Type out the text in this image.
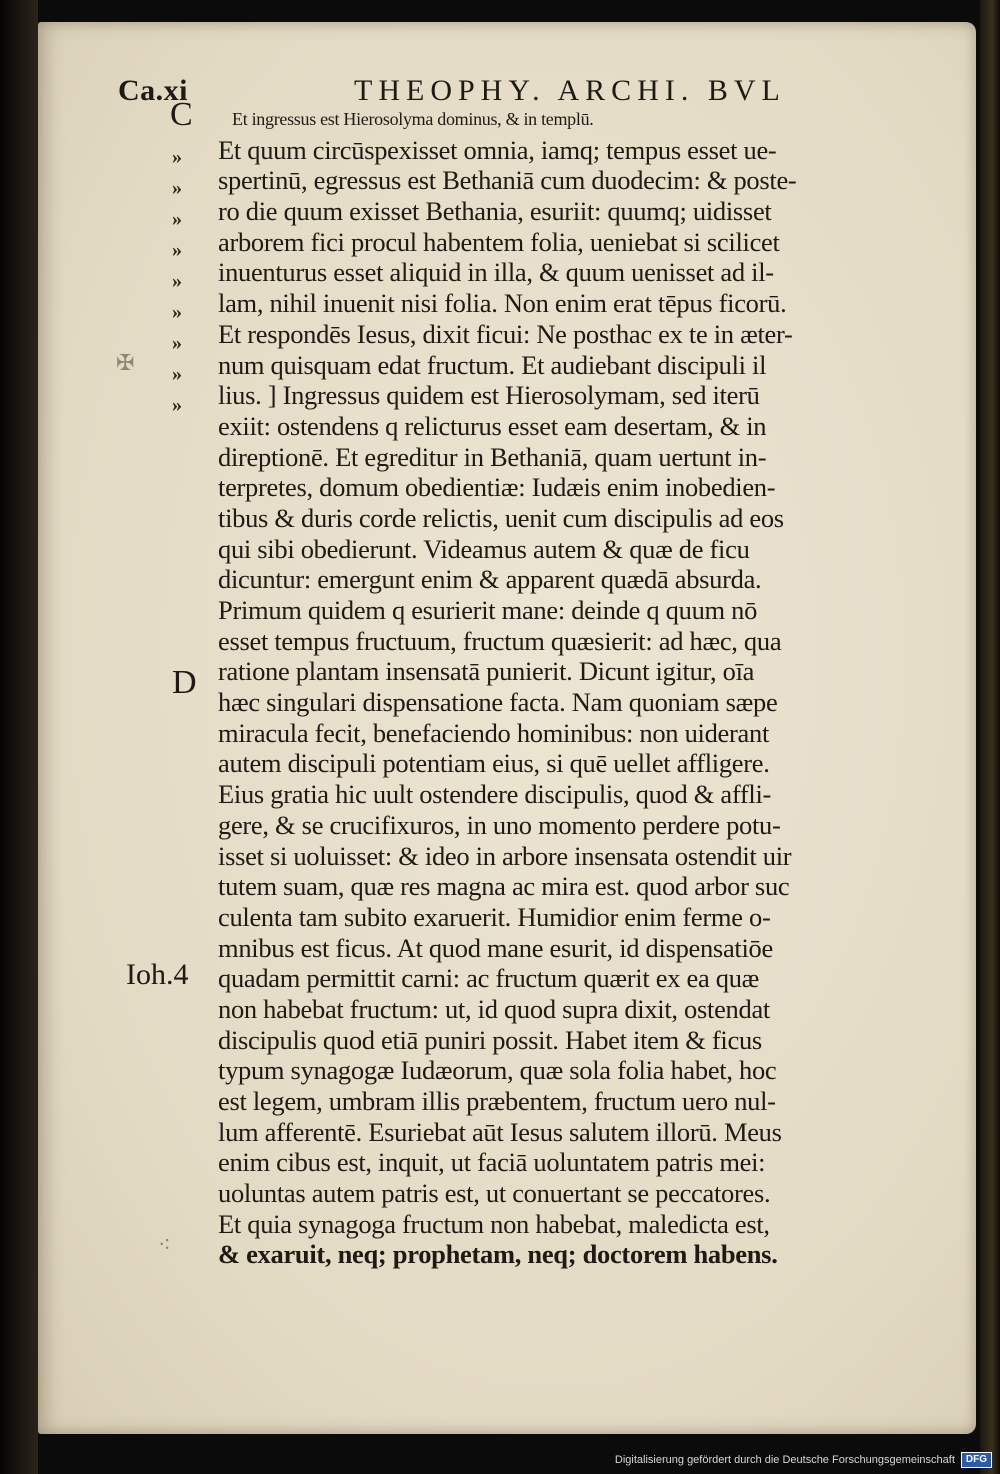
Ca.xi	THEOPHY. ARCHI. BVL
C
D
Ioh.4
»
»
»
»
»
»
»
»
»
Et ingressus est Hierosolyma dominus, & in templū.
Et quum circūspexisset omnia, iamq; tempus esset ue-
spertinū, egressus est Bethaniā cum duodecim: & poste-
ro die quum exisset Bethania, esuriit: quumq; uidisset
arborem fici procul habentem folia, ueniebat si scilicet
inuenturus esset aliquid in illa, & quum uenisset ad il-
lam, nihil inuenit nisi folia. Non enim erat tēpus ficorū.
Et respondēs Iesus, dixit ficui: Ne posthac ex te in æter-
num quisquam edat fructum. Et audiebant discipuli il
lius. ] Ingressus quidem est Hierosolymam, sed iterū
exiit: ostendens q relicturus esset eam desertam, & in
direptionē. Et egreditur in Bethaniā, quam uertunt in-
terpretes, domum obedientiæ: Iudæis enim inobedien-
tibus & duris corde relictis, uenit cum discipulis ad eos
qui sibi obedierunt. Videamus autem & quæ de ficu
dicuntur: emergunt enim & apparent quædā absurda.
Primum quidem q esurierit mane: deinde q quum nō
esset tempus fructuum, fructum quæsierit: ad hæc, qua
ratione plantam insensatā punierit. Dicunt igitur, oīa
hæc singulari dispensatione facta. Nam quoniam sæpe
miracula fecit, benefaciendo hominibus: non uiderant
autem discipuli potentiam eius, si quē uellet affligere.
Eius gratia hic uult ostendere discipulis, quod & affli-
gere, & se crucifixuros, in uno momento perdere potu-
isset si uoluisset: & ideo in arbore insensata ostendit uir
tutem suam, quæ res magna ac mira est. quod arbor suc
culenta tam subito exaruerit. Humidior enim ferme o-
mnibus est ficus. At quod mane esurit, id dispensatiōe
quadam permittit carni: ac fructum quærit ex ea quæ
non habebat fructum: ut, id quod supra dixit, ostendat
discipulis quod etiā puniri possit. Habet item & ficus
typum synagogæ Iudæorum, quæ sola folia habet, hoc
est legem, umbram illis præbentem, fructum uero nul-
lum afferentē. Esuriebat aūt Iesus salutem illorū. Meus
enim cibus est, inquit, ut faciā uoluntatem patris mei:
uoluntas autem patris est, ut conuertant se peccatores.
Et quia synagoga fructum non habebat, maledicta est,
& exaruit, neq; prophetam, neq; doctorem habens.
✠
⁖
Digitalisierung gefördert durch die Deutsche Forschungsgemeinschaft	DFG
